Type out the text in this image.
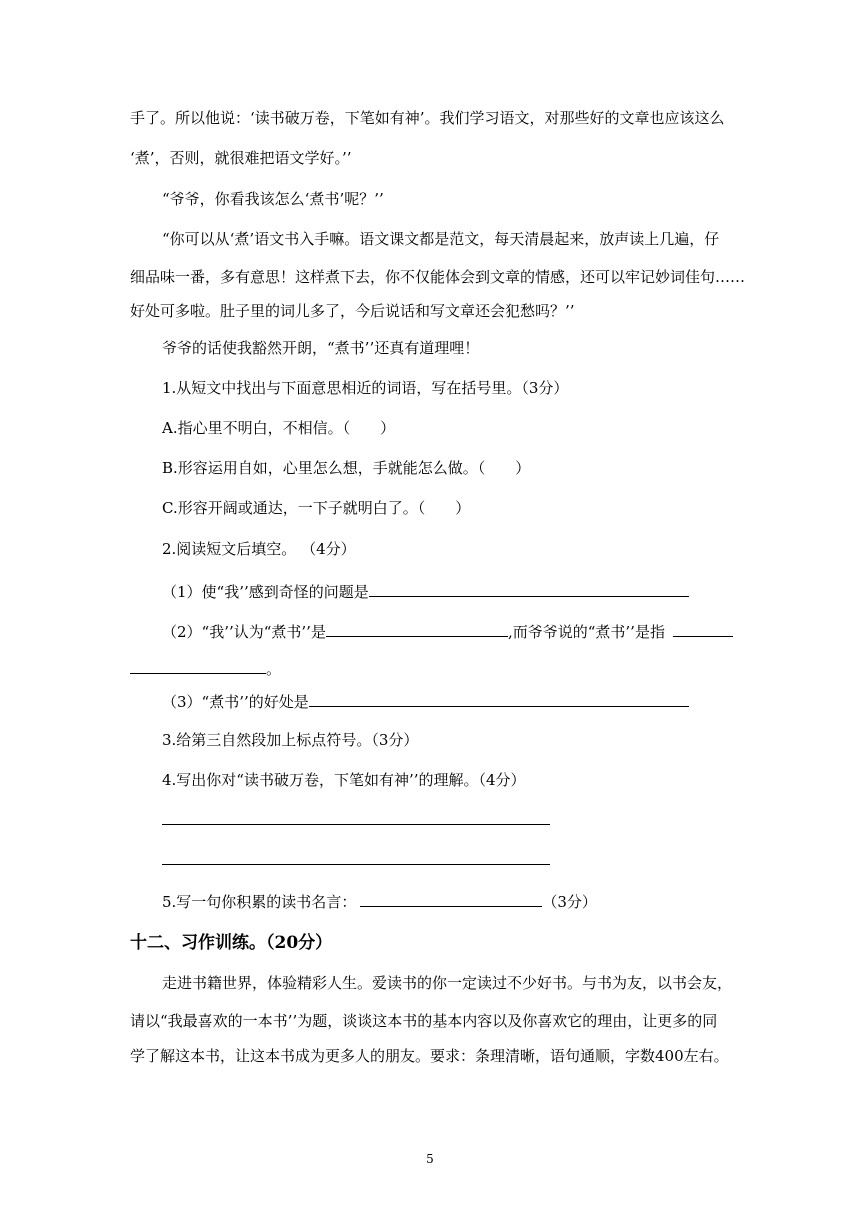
手了。所以他说：‘读书破万卷，下笔如有神’。我们学习语文，对那些好的文章也应该这么
‘煮’，否则，就很难把语文学好。’’
“爷爷，你看我该怎么‘煮书’呢？’’
“你可以从‘煮’语文书入手嘛。语文课文都是范文，每天清晨起来，放声读上几遍，仔
细品味一番，多有意思！这样煮下去，你不仅能体会到文章的情感，还可以牢记妙词佳句……
好处可多啦。肚子里的词儿多了，今后说话和写文章还会犯愁吗？’’
爷爷的话使我豁然开朗，“煮书’’还真有道理哩！
1.从短文中找出与下面意思相近的词语，写在括号里。（3分）
A.指心里不明白，不相信。（　　）
B.形容运用自如，心里怎么想，手就能怎么做。（　　）
C.形容开阔或通达，一下子就明白了。（　　）
2.阅读短文后填空。 （4分）
（1）使“我’’感到奇怪的问题是
（2）“我’’认为“煮书’’是	,而爷爷说的“煮书’’是指
。
（3）“煮书’’的好处是
3.给第三自然段加上标点符号。（3分）
4.写出你对“读书破万卷，下笔如有神’’的理解。（4分）
5.写一句你积累的读书名言：	（3分）
十二、习作训练。（20分）
走进书籍世界，体验精彩人生。爱读书的你一定读过不少好书。与书为友，以书会友，
请以“我最喜欢的一本书’’为题，谈谈这本书的基本内容以及你喜欢它的理由，让更多的同
学了解这本书，让这本书成为更多人的朋友。要求：条理清晰，语句通顺，字数400左右。
5
